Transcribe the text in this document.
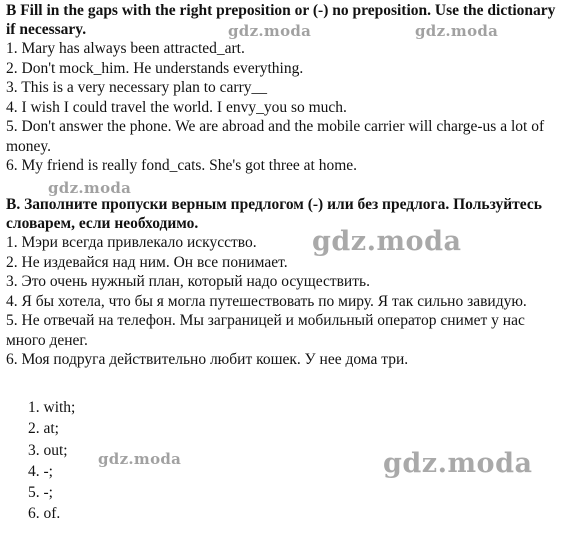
B Fill in the gaps with the right preposition or (-) no preposition. Use the dictionary if necessary.
1. Mary has always been attracted_art.
2. Don't mock_him. He understands everything.
3. This is a very necessary plan to carry__
4. I wish I could travel the world. I envy_you so much.
5. Don't answer the phone. We are abroad and the mobile carrier will charge-us a lot of money.
6. My friend is really fond_cats. She's got three at home.
В. Заполните пропуски верным предлогом (-) или без предлога. Пользуйтесь словарем, если необходимо.
1. Мэри всегда привлекало искусство.
2. Не издевайся над ним. Он все понимает.
3. Это очень нужный план, который надо осуществить.
4. Я бы хотела, что бы я могла путешествовать по миру. Я так сильно завидую.
5. Не отвечай на телефон. Мы заграницей и мобильный оператор снимет у нас много денег.
6. Моя подруга действительно любит кошек. У нее дома три.
1. with;
2. at;
3. out;
4. -;
5. -;
6. of.
gdz.moda	gdz.moda
gdz.moda
gdz.moda
gdz.moda	gdz.moda
